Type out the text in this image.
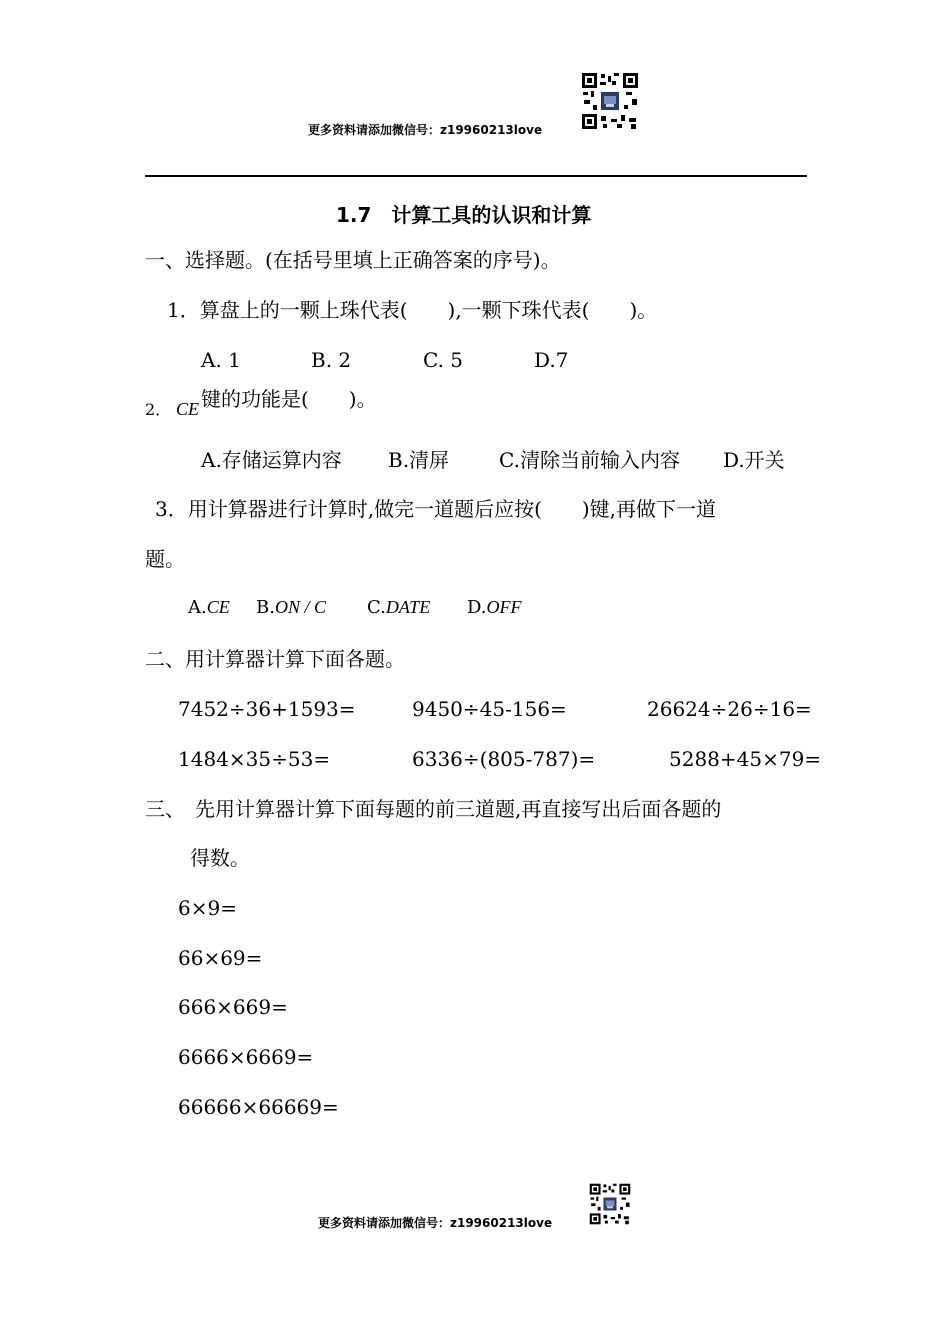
更多资料请添加微信号：z19960213love
1.7　计算工具的认识和计算
一、选择题。(在括号里填上正确答案的序号)。
1．算盘上的一颗上珠代表(　　),一颗下珠代表(　　)。
A. 1	B. 2	C. 5	D.7
2． CE 键的功能是(　　)。
A.存储运算内容 B.清屏 C.清除当前输入内容 D.开关
3．用计算器进行计算时,做完一道题后应按(　　)键,再做下一道
题。
A.CE B.ON / C C.DATE D.OFF
二、用计算器计算下面各题。
7452÷36+1593=	9450÷45-156=	26624÷26÷16=
1484×35÷53=	6336÷(805-787)=	5288+45×79=
三、　先用计算器计算下面每题的前三道题,再直接写出后面各题的
得数。
6×9=
66×69=
666×669=
6666×6669=
66666×66669=
更多资料请添加微信号：z19960213love
